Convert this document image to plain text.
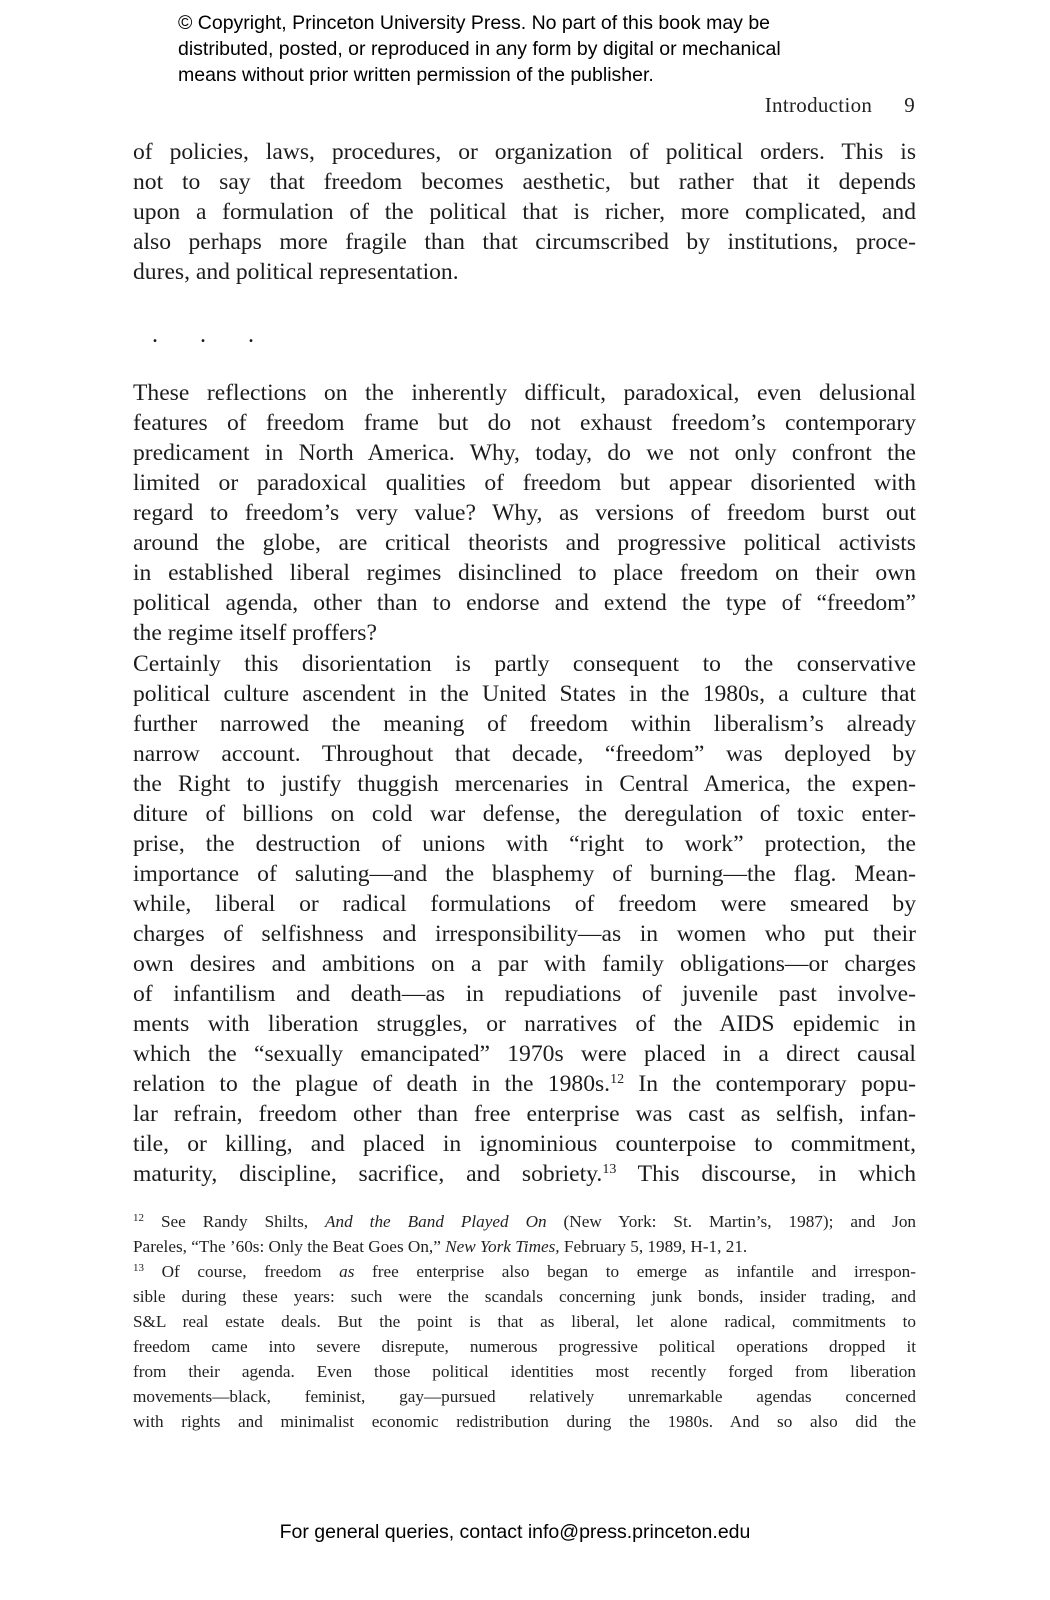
© Copyright, Princeton University Press. No part of this book may be
distributed, posted, or reproduced in any form by digital or mechanical
means without prior written permission of the publisher.
Introduction 9
of policies, laws, procedures, or organization of political orders. This is
not to say that freedom becomes aesthetic, but rather that it depends
upon a formulation of the political that is richer, more complicated, and
also perhaps more fragile than that circumscribed by institutions, proce-
dures, and political representation.
. . .
These reflections on the inherently difficult, paradoxical, even delusional
features of freedom frame but do not exhaust freedom’s contemporary
predicament in North America. Why, today, do we not only confront the
limited or paradoxical qualities of freedom but appear disoriented with
regard to freedom’s very value? Why, as versions of freedom burst out
around the globe, are critical theorists and progressive political activists
in established liberal regimes disinclined to place freedom on their own
political agenda, other than to endorse and extend the type of “freedom”
the regime itself proffers?
Certainly this disorientation is partly consequent to the conservative
political culture ascendent in the United States in the 1980s, a culture that
further narrowed the meaning of freedom within liberalism’s already
narrow account. Throughout that decade, “freedom” was deployed by
the Right to justify thuggish mercenaries in Central America, the expen-
diture of billions on cold war defense, the deregulation of toxic enter-
prise, the destruction of unions with “right to work” protection, the
importance of saluting—and the blasphemy of burning—the flag. Mean-
while, liberal or radical formulations of freedom were smeared by
charges of selfishness and irresponsibility—as in women who put their
own desires and ambitions on a par with family obligations—or charges
of infantilism and death—as in repudiations of juvenile past involve-
ments with liberation struggles, or narratives of the AIDS epidemic in
which the “sexually emancipated” 1970s were placed in a direct causal
relation to the plague of death in the 1980s.$^{12}$ In the contemporary popu-
lar refrain, freedom other than free enterprise was cast as selfish, infan-
tile, or killing, and placed in ignominious counterpoise to commitment,
maturity, discipline, sacrifice, and sobriety.$^{13}$ This discourse, in which
$^{12}$ See Randy Shilts, And the Band Played On (New York: St. Martin’s, 1987); and Jon
Pareles, “The ’60s: Only the Beat Goes On,” New York Times, February 5, 1989, H-1, 21.
$^{13}$ Of course, freedom as free enterprise also began to emerge as infantile and irrespon-
sible during these years: such were the scandals concerning junk bonds, insider trading, and
S&L real estate deals. But the point is that as liberal, let alone radical, commitments to
freedom came into severe disrepute, numerous progressive political operations dropped it
from their agenda. Even those political identities most recently forged from liberation
movements—black, feminist, gay—pursued relatively unremarkable agendas concerned
with rights and minimalist economic redistribution during the 1980s. And so also did the
For general queries, contact info@press.princeton.edu
